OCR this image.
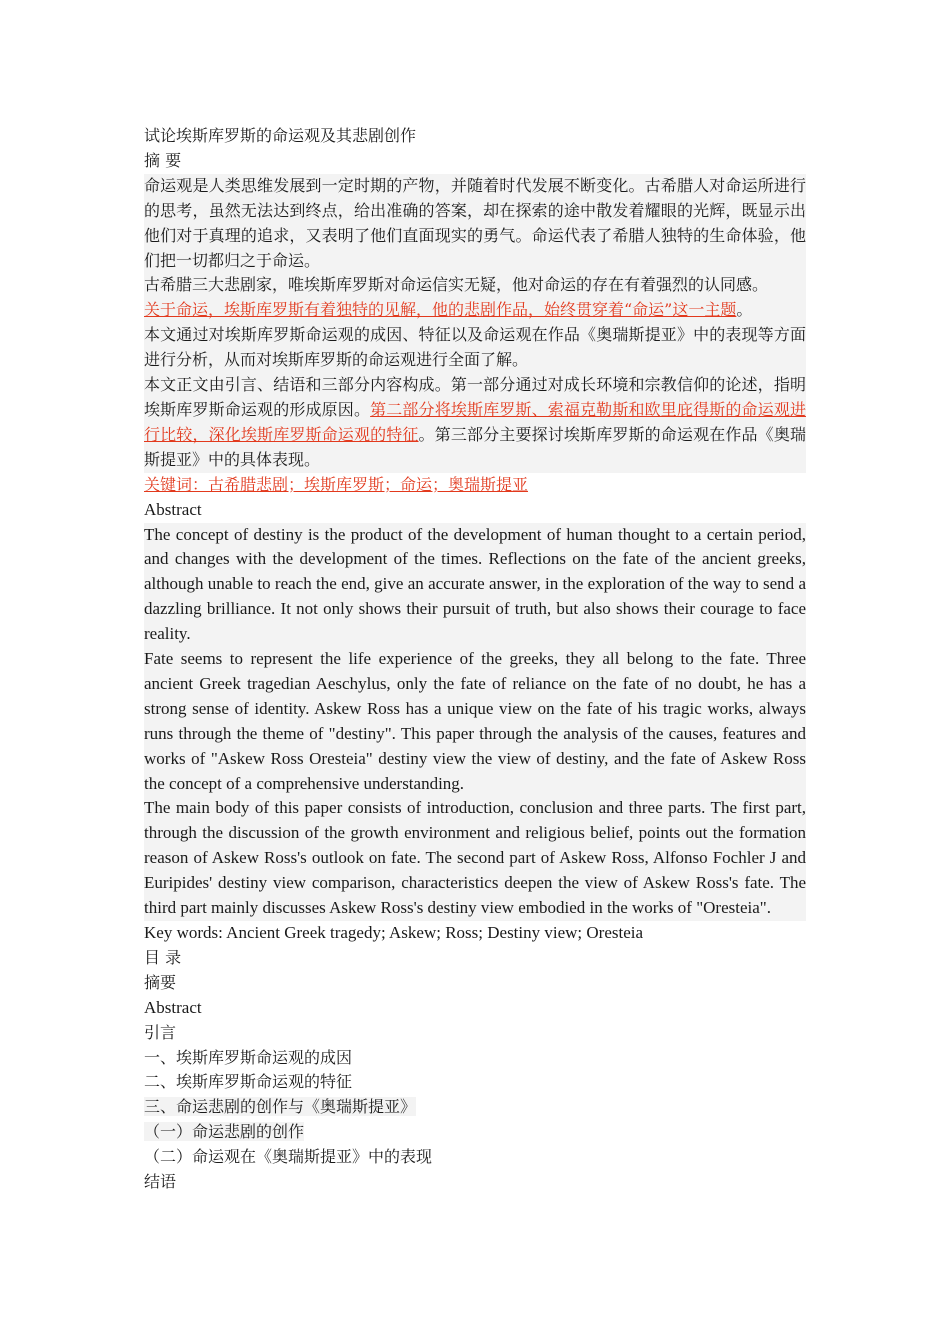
试论埃斯库罗斯的命运观及其悲剧创作
摘 要

命运观是人类思维发展到一定时期的产物，并随着时代发展不断变化。古希腊人对命运所进行的思考，虽然无法达到终点，给出准确的答案，却在探索的途中散发着耀眼的光辉，既显示出他们对于真理的追求，又表明了他们直面现实的勇气。命运代表了希腊人独特的生命体验，他们把一切都归之于命运。

古希腊三大悲剧家，唯埃斯库罗斯对命运信实无疑，他对命运的存在有着强烈的认同感。
关于命运，埃斯库罗斯有着独特的见解，他的悲剧作品，始终贯穿着“命运”这一主题。

本文通过对埃斯库罗斯命运观的成因、特征以及命运观在作品《奥瑞斯提亚》中的表现等方面进行分析，从而对埃斯库罗斯的命运观进行全面了解。

本文正文由引言、结语和三部分内容构成。第一部分通过对成长环境和宗教信仰的论述，指明埃斯库罗斯命运观的形成原因。第二部分将埃斯库罗斯、索福克勒斯和欧里庇得斯的命运观进行比较，深化埃斯库罗斯命运观的特征。第三部分主要探讨埃斯库罗斯的命运观在作品《奥瑞斯提亚》中的具体表现。

关键词：古希腊悲剧；埃斯库罗斯；命运；奥瑞斯提亚
Abstract

The concept of destiny is the product of the development of human thought to a certain period, and changes with the development of the times. Reflections on the fate of the ancient greeks, although unable to reach the end, give an accurate answer, in the exploration of the way to send a dazzling brilliance. It not only shows their pursuit of truth, but also shows their courage to face reality.

Fate seems to represent the life experience of the greeks, they all belong to the fate. Three ancient Greek tragedian Aeschylus, only the fate of reliance on the fate of no doubt, he has a strong sense of identity. Askew Ross has a unique view on the fate of his tragic works, always runs through the theme of "destiny". This paper through the analysis of the causes, features and works of "Askew Ross Oresteia" destiny view the view of destiny, and the fate of Askew Ross the concept of a comprehensive understanding.

The main body of this paper consists of introduction, conclusion and three parts. The first part, through the discussion of the growth environment and religious belief, points out the formation reason of Askew Ross's outlook on fate. The second part of Askew Ross, Alfonso Fochler J and Euripides' destiny view comparison, characteristics deepen the view of Askew Ross's fate. The third part mainly discusses Askew Ross's destiny view embodied in the works of "Oresteia".

Key words: Ancient Greek tragedy; Askew; Ross; Destiny view; Oresteia
目 录
摘要
Abstract
引言
一、埃斯库罗斯命运观的成因
二、埃斯库罗斯命运观的特征
三、命运悲剧的创作与《奥瑞斯提亚》
（一）命运悲剧的创作
（二）命运观在《奥瑞斯提亚》中的表现
结语
